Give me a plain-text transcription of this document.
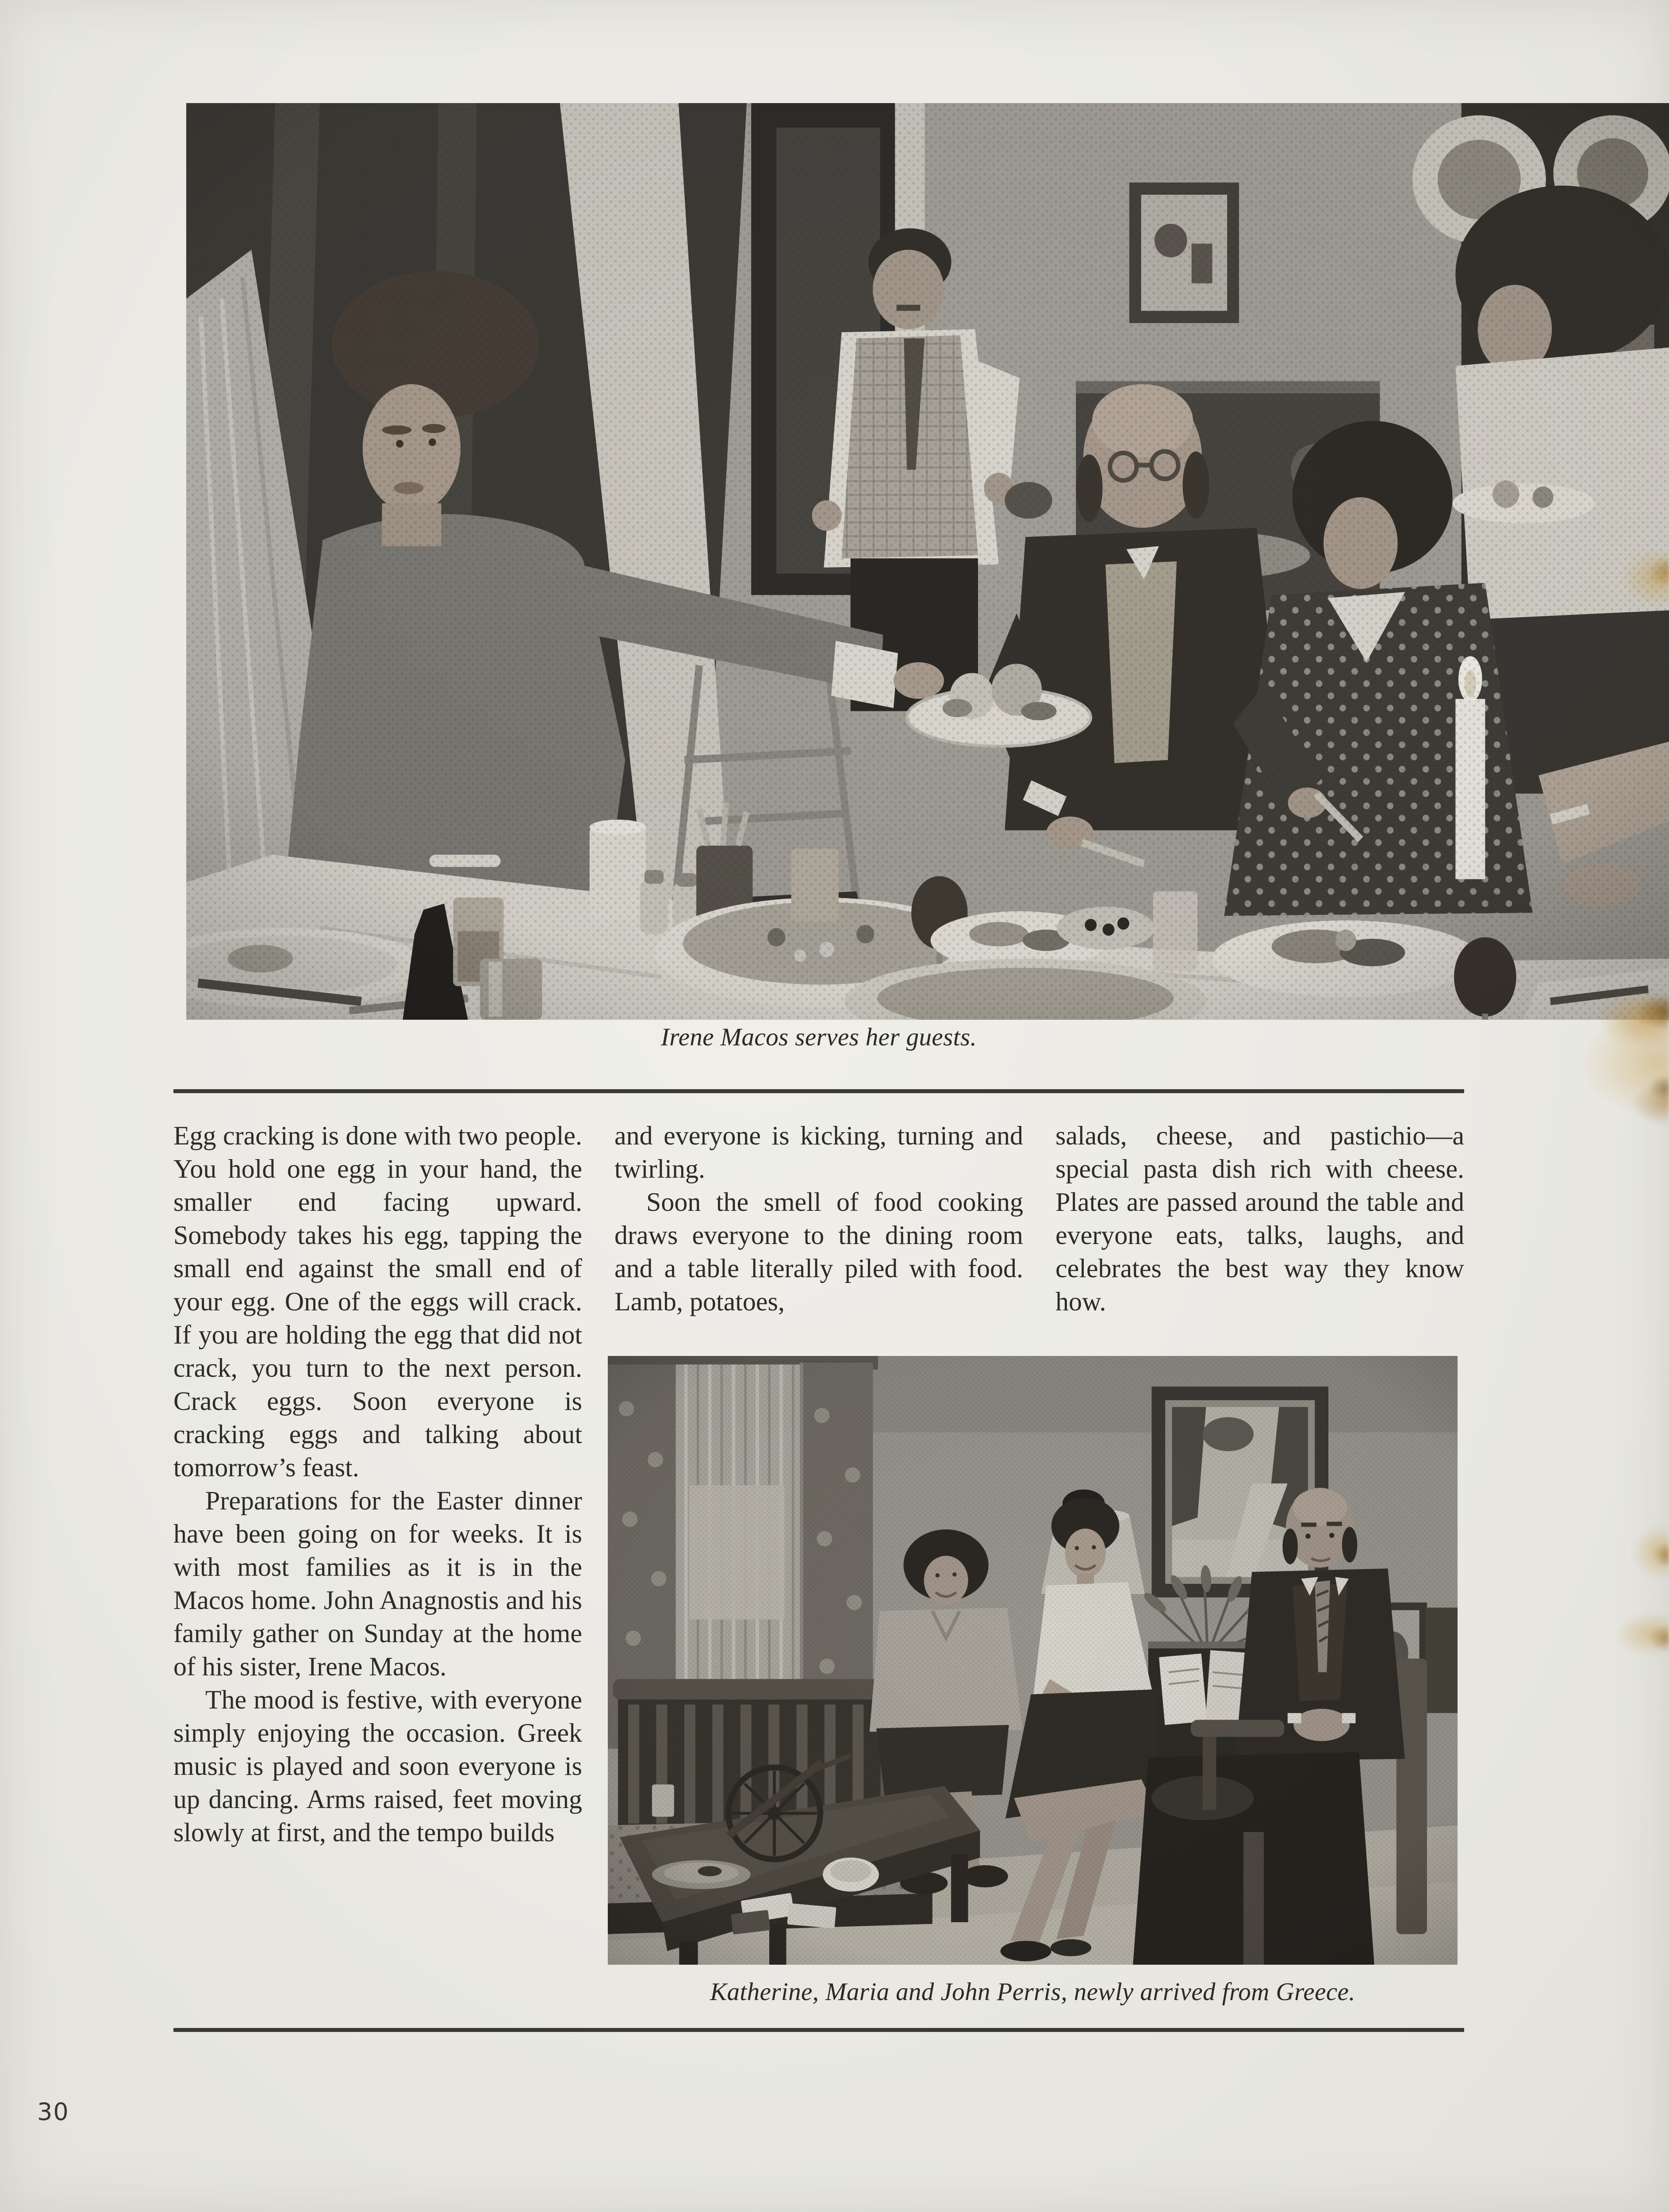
Irene Macos serves her guests.

Egg cracking is done with two people. You hold one egg in your hand, the smaller end facing upward. Somebody takes his egg, tapping the small end against the small end of your egg. One of the eggs will crack. If you are holding the egg that did not crack, you turn to the next person. Crack eggs. Soon everyone is cracking eggs and talking about tomorrow’s feast.

Preparations for the Easter dinner have been going on for weeks. It is with most families as it is in the Macos home. John Anagnostis and his family gather on Sunday at the home of his sister, Irene Macos.

The mood is festive, with everyone simply enjoying the occasion. Greek music is played and soon everyone is up dancing. Arms raised, feet moving slowly at first, and the tempo builds

and everyone is kicking, turning and twirling.

Soon the smell of food cooking draws everyone to the dining room and a table literally piled with food. Lamb, potatoes,

salads, cheese, and pastichio—a special pasta dish rich with cheese. Plates are passed around the table and everyone eats, talks, laughs, and celebrates the best way they know how.

Katherine, Maria and John Perris, newly arrived from Greece.
30
